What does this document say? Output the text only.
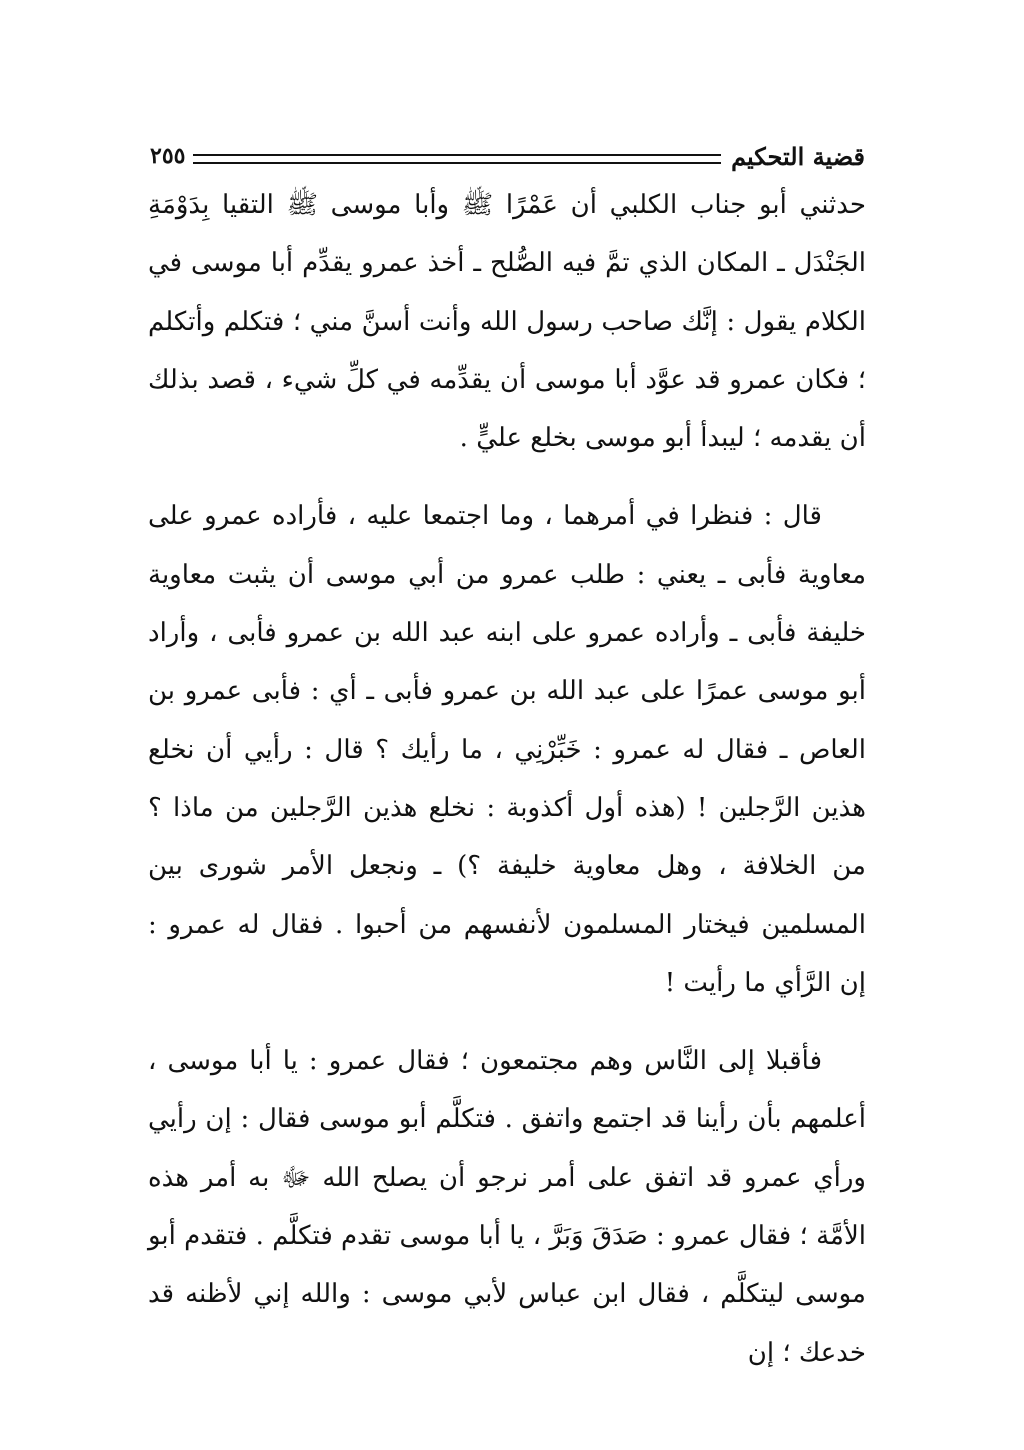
قضية التحكيم
٢٥٥

حدثني أبو جناب الكلبي أن عَمْرًا ﷺ وأبا موسى ﷺ التقيا بِدَوْمَةِ الجَنْدَل ـ المكان الذي تمَّ فيه الصُّلح ـ أخذ عمرو يقدِّم أبا موسى في الكلام يقول : إنَّك صاحب رسول الله وأنت أسنَّ مني ؛ فتكلم وأتكلم ؛ فكان عمرو قد عوَّد أبا موسى أن يقدِّمه في كلِّ شيء ، قصد بذلك أن يقدمه ؛ ليبدأ أبو موسى بخلع عليٍّ .

قال : فنظرا في أمرهما ، وما اجتمعا عليه ، فأراده عمرو على معاوية فأبى ـ يعني : طلب عمرو من أبي موسى أن يثبت معاوية خليفة فأبى ـ وأراده عمرو على ابنه عبد الله بن عمرو فأبى ، وأراد أبو موسى عمرًا على عبد الله بن عمرو فأبى ـ أي : فأبى عمرو بن العاص ـ فقال له عمرو : خَبِّرْنِي ، ما رأيك ؟ قال : رأيي أن نخلع هذين الرَّجلين ! (هذه أول أكذوبة : نخلع هذين الرَّجلين من ماذا ؟ من الخلافة ، وهل معاوية خليفة ؟) ـ ونجعل الأمر شورى بين المسلمين فيختار المسلمون لأنفسهم من أحبوا . فقال له عمرو : إن الرَّأي ما رأيت !

فأقبلا إلى النَّاس وهم مجتمعون ؛ فقال عمرو : يا أبا موسى ، أعلمهم بأن رأينا قد اجتمع واتفق . فتكلَّم أبو موسى فقال : إن رأيي ورأي عمرو قد اتفق على أمر نرجو أن يصلح الله ﷻ به أمر هذه الأمَّة ؛ فقال عمرو : صَدَقَ وَبَرَّ ، يا أبا موسى تقدم فتكلَّم . فتقدم أبو موسى ليتكلَّم ، فقال ابن عباس لأبي موسى : والله إني لأظنه قد خدعك ؛ إن
